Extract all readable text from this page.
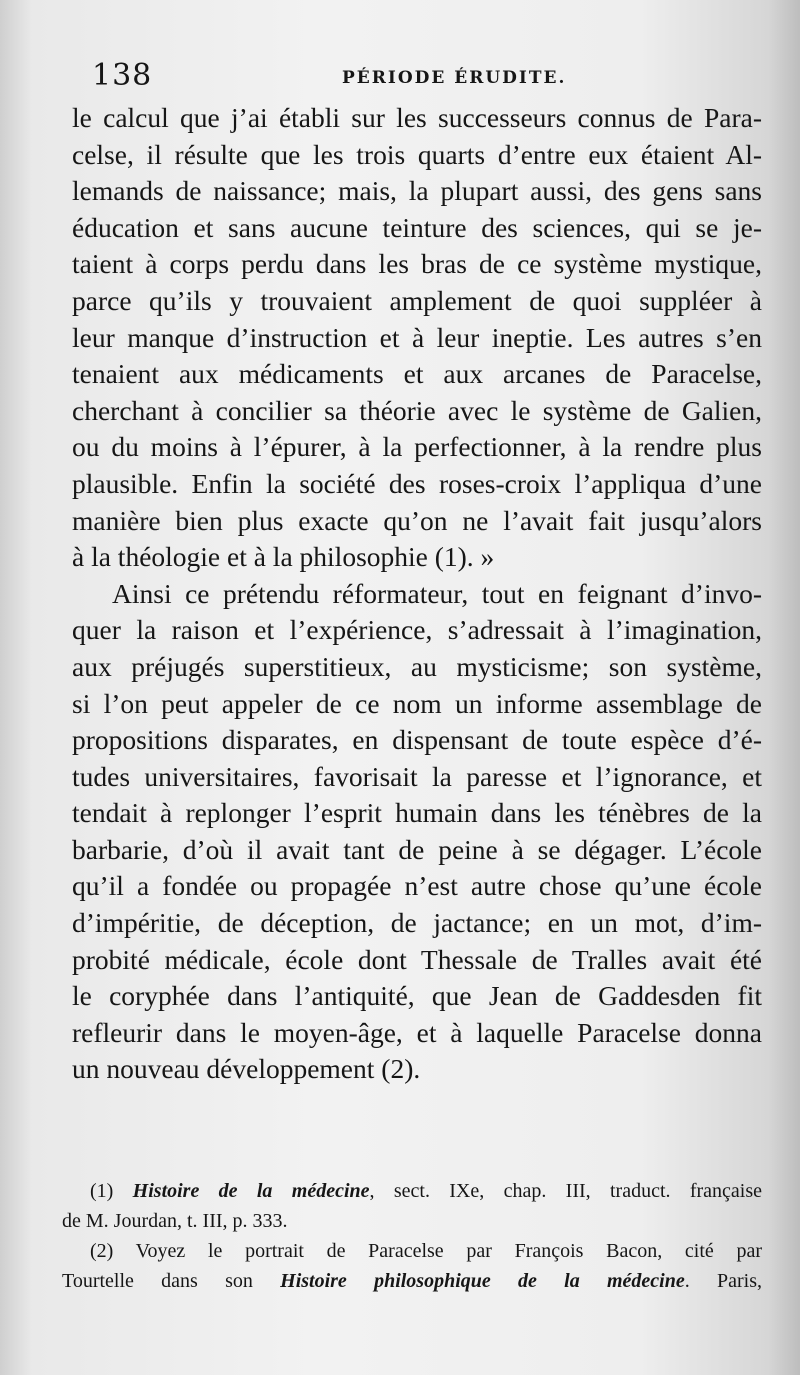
138	PÉRIODE ÉRUDITE.
le calcul que j’ai établi sur les successeurs connus de Para-
celse, il résulte que les trois quarts d’entre eux étaient Al-
lemands de naissance; mais, la plupart aussi, des gens sans
éducation et sans aucune teinture des sciences, qui se je-
taient à corps perdu dans les bras de ce système mystique,
parce qu’ils y trouvaient amplement de quoi suppléer à
leur manque d’instruction et à leur ineptie. Les autres s’en
tenaient aux médicaments et aux arcanes de Paracelse,
cherchant à concilier sa théorie avec le système de Galien,
ou du moins à l’épurer, à la perfectionner, à la rendre plus
plausible. Enfin la société des roses-croix l’appliqua d’une
manière bien plus exacte qu’on ne l’avait fait jusqu’alors
à la théologie et à la philosophie (1). »
Ainsi ce prétendu réformateur, tout en feignant d’invo-
quer la raison et l’expérience, s’adressait à l’imagination,
aux préjugés superstitieux, au mysticisme; son système,
si l’on peut appeler de ce nom un informe assemblage de
propositions disparates, en dispensant de toute espèce d’é-
tudes universitaires, favorisait la paresse et l’ignorance, et
tendait à replonger l’esprit humain dans les ténèbres de la
barbarie, d’où il avait tant de peine à se dégager. L’école
qu’il a fondée ou propagée n’est autre chose qu’une école
d’impéritie, de déception, de jactance; en un mot, d’im-
probité médicale, école dont Thessale de Tralles avait été
le coryphée dans l’antiquité, que Jean de Gaddesden fit
refleurir dans le moyen-âge, et à laquelle Paracelse donna
un nouveau développement (2).
(1) Histoire de la médecine, sect. IXe, chap. III, traduct. française
de M. Jourdan, t. III, p. 333.
(2) Voyez le portrait de Paracelse par François Bacon, cité par
Tourtelle dans son Histoire philosophique de la médecine. Paris,
